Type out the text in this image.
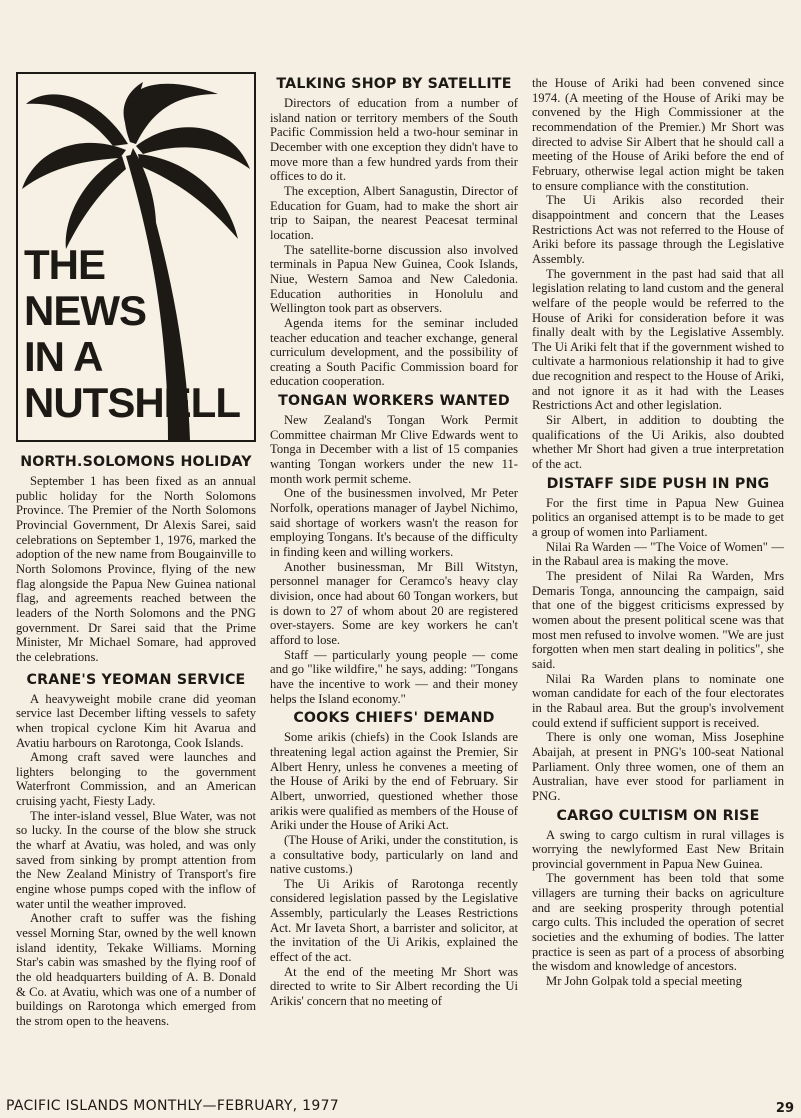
THE
NEWS
IN A
NUTSHELL
NORTH.SOLOMONS HOLIDAY

September 1 has been fixed as an annual public holiday for the North Solomons Province. The Premier of the North Solomons Provincial Government, Dr Alexis Sarei, said celebrations on September 1, 1976, marked the adoption of the new name from Bougainville to North Solomons Province, flying of the new flag alongside the Papua New Guinea national flag, and agreements reached between the leaders of the North Solomons and the PNG government. Dr Sarei said that the Prime Minister, Mr Michael Somare, had approved the celebrations.

CRANE'S YEOMAN SERVICE

A heavyweight mobile crane did yeoman service last December lifting vessels to safety when tropical cyclone Kim hit Avarua and Avatiu harbours on Rarotonga, Cook Islands.

Among craft saved were launches and lighters belonging to the government Waterfront Commission, and an American cruising yacht, Fiesty Lady.

The inter-island vessel, Blue Water, was not so lucky. In the course of the blow she struck the wharf at Avatiu, was holed, and was only saved from sinking by prompt attention from the New Zealand Ministry of Transport's fire engine whose pumps coped with the inflow of water until the weather improved.

Another craft to suffer was the fishing vessel Morning Star, owned by the well known island identity, Tekake Williams. Morning Star's cabin was smashed by the flying roof of the old headquarters building of A. B. Donald & Co. at Avatiu, which was one of a number of buildings on Rarotonga which emerged from the strom open to the heavens.

TALKING SHOP BY SATELLITE

Directors of education from a number of island nation or territory members of the South Pacific Commission held a two-hour seminar in December with one exception they didn't have to move more than a few hundred yards from their offices to do it.

The exception, Albert Sanagustin, Director of Education for Guam, had to make the short air trip to Saipan, the nearest Peacesat terminal location.

The satellite-borne discussion also involved terminals in Papua New Guinea, Cook Islands, Niue, Western Samoa and New Caledonia. Education authorities in Honolulu and Wellington took part as observers.

Agenda items for the seminar included teacher education and teacher exchange, general curriculum development, and the possibility of creating a South Pacific Commission board for education cooperation.

TONGAN WORKERS WANTED

New Zealand's Tongan Work Permit Committee chairman Mr Clive Edwards went to Tonga in December with a list of 15 companies wanting Tongan workers under the new 11-month work permit scheme.

One of the businessmen involved, Mr Peter Norfolk, operations manager of Jaybel Nichimo, said shortage of workers wasn't the reason for employing Tongans. It's because of the difficulty in finding keen and willing workers.

Another businessman, Mr Bill Witstyn, personnel manager for Ceramco's heavy clay division, once had about 60 Tongan workers, but is down to 27 of whom about 20 are registered over-stayers. Some are key workers he can't afford to lose.

Staff — particularly young people — come and go "like wildfire," he says, adding: "Tongans have the incentive to work — and their money helps the Island economy."

COOKS CHIEFS' DEMAND

Some arikis (chiefs) in the Cook Islands are threatening legal action against the Premier, Sir Albert Henry, unless he convenes a meeting of the House of Ariki by the end of February. Sir Albert, unworried, questioned whether those arikis were qualified as members of the House of Ariki under the House of Ariki Act.

(The House of Ariki, under the constitution, is a consultative body, particularly on land and native customs.)

The Ui Arikis of Rarotonga recently considered legislation passed by the Legislative Assembly, particularly the Leases Restrictions Act. Mr Iaveta Short, a barrister and solicitor, at the invitation of the Ui Arikis, explained the effect of the act.

At the end of the meeting Mr Short was directed to write to Sir Albert recording the Ui Arikis' concern that no meeting of

the House of Ariki had been convened since 1974. (A meeting of the House of Ariki may be convened by the High Commissioner at the recommendation of the Premier.) Mr Short was directed to advise Sir Albert that he should call a meeting of the House of Ariki before the end of February, otherwise legal action might be taken to ensure compliance with the constitution.

The Ui Arikis also recorded their disappointment and concern that the Leases Restrictions Act was not referred to the House of Ariki before its passage through the Legislative Assembly.

The government in the past had said that all legislation relating to land custom and the general welfare of the people would be referred to the House of Ariki for consideration before it was finally dealt with by the Legislative Assembly. The Ui Ariki felt that if the government wished to cultivate a harmonious relationship it had to give due recognition and respect to the House of Ariki, and not ignore it as it had with the Leases Restrictions Act and other legislation.

Sir Albert, in addition to doubting the qualifications of the Ui Arikis, also doubted whether Mr Short had given a true interpretation of the act.

DISTAFF SIDE PUSH IN PNG

For the first time in Papua New Guinea politics an organised attempt is to be made to get a group of women into Parliament.

Nilai Ra Warden — "The Voice of Women" — in the Rabaul area is making the move.

The president of Nilai Ra Warden, Mrs Demaris Tonga, announcing the campaign, said that one of the biggest criticisms expressed by women about the present political scene was that most men refused to involve women. "We are just forgotten when men start dealing in politics", she said.

Nilai Ra Warden plans to nominate one woman candidate for each of the four electorates in the Rabaul area. But the group's involvement could extend if sufficient support is received.

There is only one woman, Miss Josephine Abaijah, at present in PNG's 100-seat National Parliament. Only three women, one of them an Australian, have ever stood for parliament in PNG.

CARGO CULTISM ON RISE

A swing to cargo cultism in rural villages is worrying the newlyformed East New Britain provincial government in Papua New Guinea.

The government has been told that some villagers are turning their backs on agriculture and are seeking prosperity through potential cargo cults. This included the operation of secret societies and the exhuming of bodies. The latter practice is seen as part of a process of absorbing the wisdom and knowledge of ancestors.

Mr John Golpak told a special meeting

PACIFIC ISLANDS MONTHLY—FEBRUARY, 1977	29
